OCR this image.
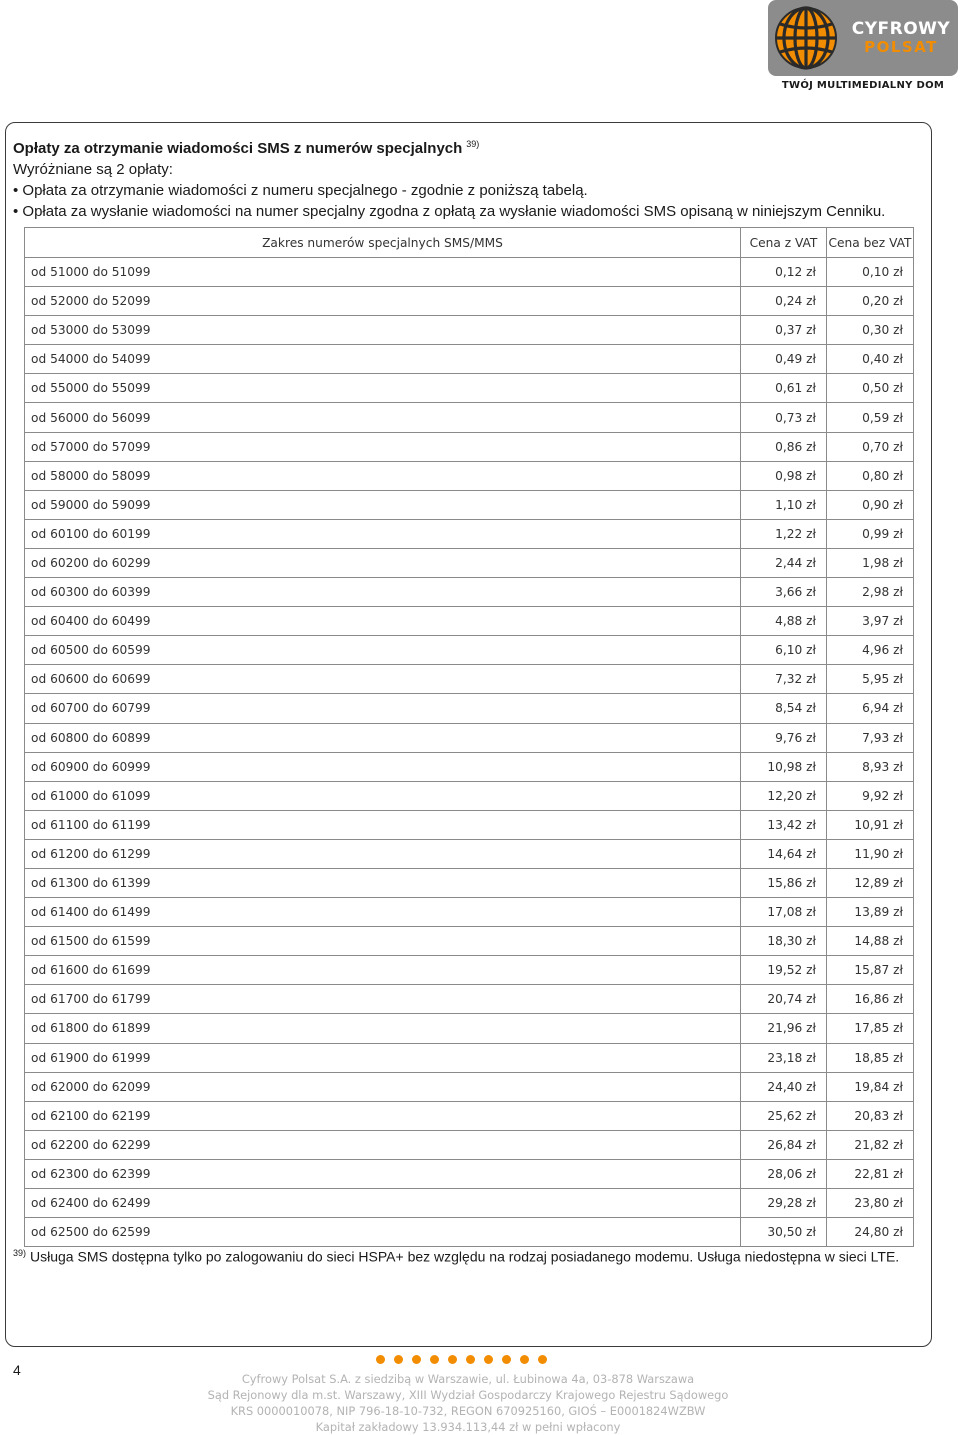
CYFROWY
POLSAT
TWÓJ MULTIMEDIALNY DOM
Opłaty za otrzymanie wiadomości SMS z numerów specjalnych $^{39)}$
Wyróżniane są 2 opłaty:
• Opłata za otrzymanie wiadomości z numeru specjalnego - zgodnie z poniższą tabelą.
• Opłata za wysłanie wiadomości na numer specjalny zgodna z opłatą za wysłanie wiadomości SMS opisaną w niniejszym Cenniku.
Zakres numerów specjalnych SMS/MMS	Cena z VAT	Cena bez VAT
od 51000 do 51099	0,12 zł	0,10 zł
od 52000 do 52099	0,24 zł	0,20 zł
od 53000 do 53099	0,37 zł	0,30 zł
od 54000 do 54099	0,49 zł	0,40 zł
od 55000 do 55099	0,61 zł	0,50 zł
od 56000 do 56099	0,73 zł	0,59 zł
od 57000 do 57099	0,86 zł	0,70 zł
od 58000 do 58099	0,98 zł	0,80 zł
od 59000 do 59099	1,10 zł	0,90 zł
od 60100 do 60199	1,22 zł	0,99 zł
od 60200 do 60299	2,44 zł	1,98 zł
od 60300 do 60399	3,66 zł	2,98 zł
od 60400 do 60499	4,88 zł	3,97 zł
od 60500 do 60599	6,10 zł	4,96 zł
od 60600 do 60699	7,32 zł	5,95 zł
od 60700 do 60799	8,54 zł	6,94 zł
od 60800 do 60899	9,76 zł	7,93 zł
od 60900 do 60999	10,98 zł	8,93 zł
od 61000 do 61099	12,20 zł	9,92 zł
od 61100 do 61199	13,42 zł	10,91 zł
od 61200 do 61299	14,64 zł	11,90 zł
od 61300 do 61399	15,86 zł	12,89 zł
od 61400 do 61499	17,08 zł	13,89 zł
od 61500 do 61599	18,30 zł	14,88 zł
od 61600 do 61699	19,52 zł	15,87 zł
od 61700 do 61799	20,74 zł	16,86 zł
od 61800 do 61899	21,96 zł	17,85 zł
od 61900 do 61999	23,18 zł	18,85 zł
od 62000 do 62099	24,40 zł	19,84 zł
od 62100 do 62199	25,62 zł	20,83 zł
od 62200 do 62299	26,84 zł	21,82 zł
od 62300 do 62399	28,06 zł	22,81 zł
od 62400 do 62499	29,28 zł	23,80 zł
od 62500 do 62599	30,50 zł	24,80 zł
$^{39)}$ Usługa SMS dostępna tylko po zalogowaniu do sieci HSPA+ bez względu na rodzaj posiadanego modemu. Usługa niedostępna w sieci LTE.
4
Cyfrowy Polsat S.A. z siedzibą w Warszawie, ul. Łubinowa 4a, 03-878 Warszawa
Sąd Rejonowy dla m.st. Warszawy, XIII Wydział Gospodarczy Krajowego Rejestru Sądowego
KRS 0000010078, NIP 796-18-10-732, REGON 670925160, GIOŚ – E0001824WZBW
Kapitał zakładowy 13.934.113,44 zł w pełni wpłacony
